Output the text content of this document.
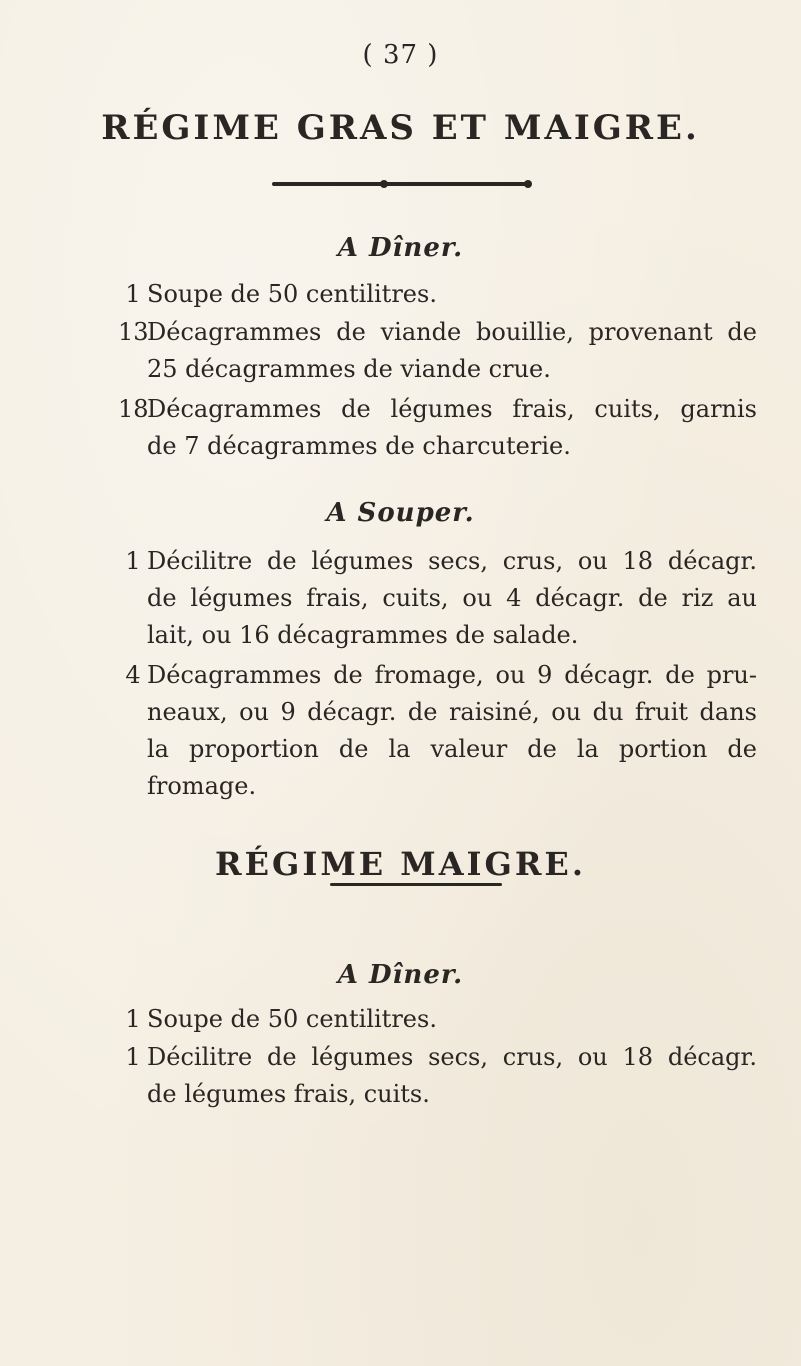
( 37 )
RÉGIME GRAS ET MAIGRE.
A Dîner.
1 Soupe de 50 centilitres.
13
Décagrammes de viande bouillie, provenant de
25 décagrammes de viande crue.
18
Décagrammes de légumes frais, cuits, garnis
de 7 décagrammes de charcuterie.
A Souper.
1 Décilitre de légumes secs, crus, ou 18 décagr.
de légumes frais, cuits, ou 4 décagr. de riz au
lait, ou 16 décagrammes de salade.
4 Décagrammes de fromage, ou 9 décagr. de pru-
neaux, ou 9 décagr. de raisiné, ou du fruit dans
la proportion de la valeur de la portion de
fromage.
RÉGIME MAIGRE.
A Dîner.
1 Soupe de 50 centilitres.
1 Décilitre de légumes secs, crus, ou 18 décagr.
de légumes frais, cuits.
